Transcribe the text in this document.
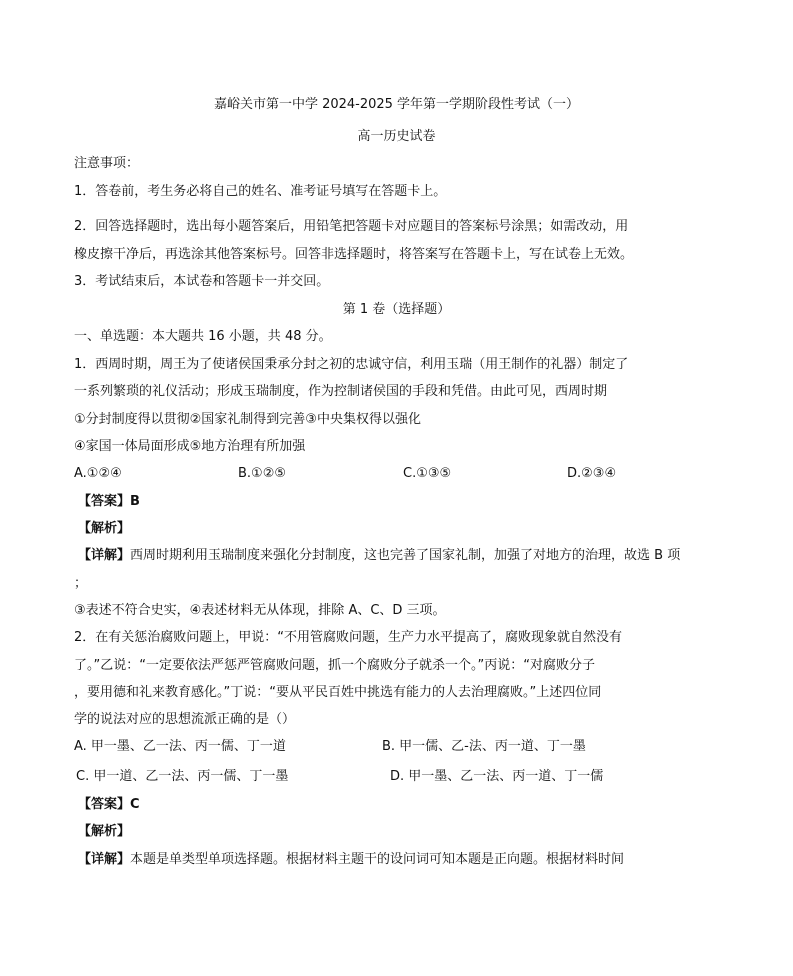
嘉峪关市第一中学 2024-2025 学年第一学期阶段性考试（一）
高一历史试卷
注意事项：
1．答卷前，考生务必将自己的姓名、准考证号填写在答题卡上。
2．回答选择题时，选出每小题答案后，用铅笔把答题卡对应题目的答案标号涂黑；如需改动，用
橡皮擦干净后，再选涂其他答案标号。回答非选择题时，将答案写在答题卡上，写在试卷上无效。
3．考试结束后，本试卷和答题卡一并交回。
第 1 卷（选择题）
一、单选题：本大题共 16 小题，共 48 分。
1．西周时期，周王为了使诸侯国秉承分封之初的忠诚守信，利用玉瑞（用王制作的礼器）制定了
一系列繁琐的礼仪活动；形成玉瑞制度，作为控制诸侯国的手段和凭借。由此可见，西周时期
①分封制度得以贯彻②国家礼制得到完善③中央集权得以强化
④家国一体局面形成⑤地方治理有所加强
A.①②④	B.①②⑤	C.①③⑤	D.②③④
【答案】B
【解析】
【详解】西周时期利用玉瑞制度来强化分封制度，这也完善了国家礼制，加强了对地方的治理，故选 B 项
；
③表述不符合史实，④表述材料无从体现，排除 A、C、D 三项。
2．在有关惩治腐败问题上，甲说：“不用管腐败问题，生产力水平提高了，腐败现象就自然没有
了。”乙说：“一定要依法严惩严管腐败问题，抓一个腐败分子就杀一个。”丙说：“对腐败分子
，要用德和礼来教育感化。”丁说：“要从平民百姓中挑选有能力的人去治理腐败。”上述四位同
学的说法对应的思想流派正确的是（）
A. 甲一墨、乙一法、丙一儒、丁一道	B. 甲一儒、乙-法、丙一道、丁一墨
C. 甲一道、乙一法、丙一儒、丁一墨	D. 甲一墨、乙一法、丙一道、丁一儒
【答案】C
【解析】
【详解】本题是单类型单项选择题。根据材料主题干的设问词可知本题是正向题。根据材料时间
